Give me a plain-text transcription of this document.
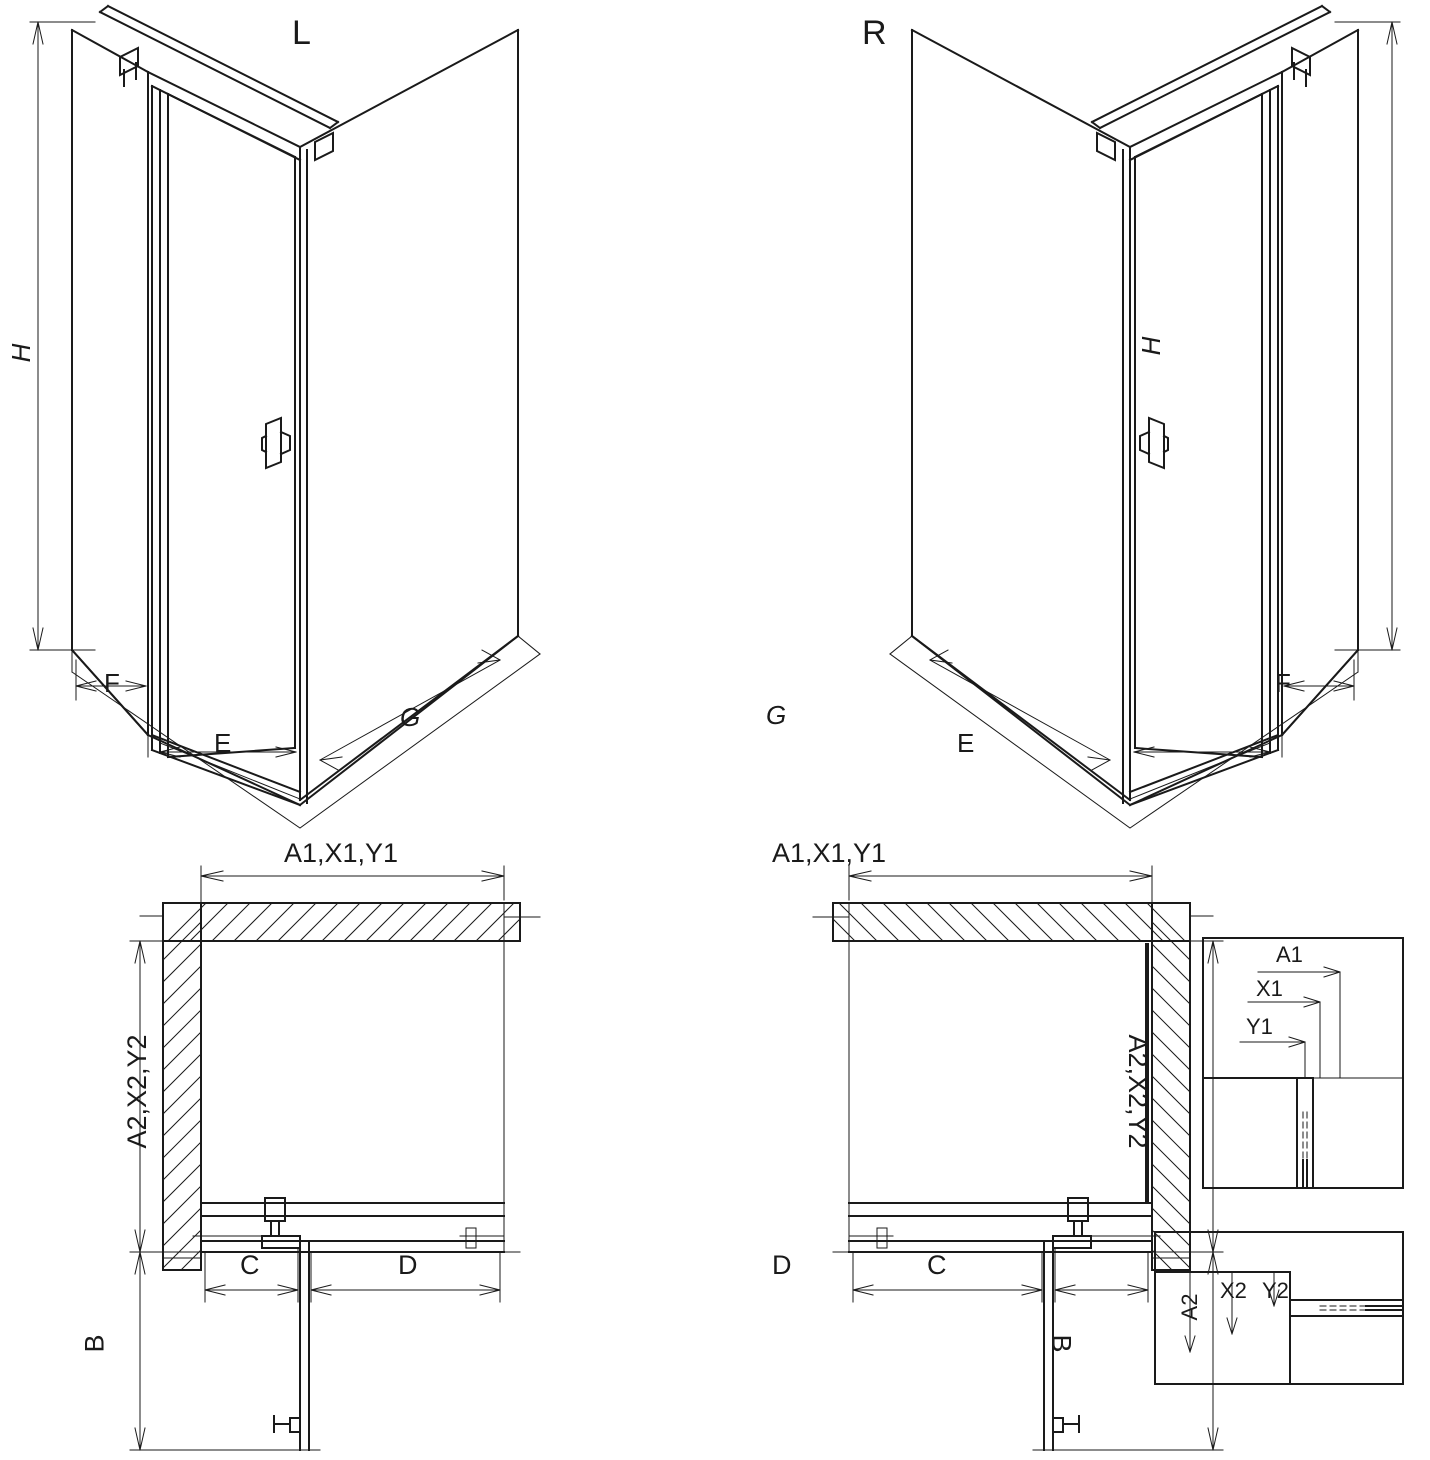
L	R
H	H
F
E
G	G
E
F
A1,X1,Y1
A2,X2,Y2
C	D
B
A1,X1,Y1
A2,X2,Y2
D	C
B
A1
X1
Y1
A2
X2 Y2
